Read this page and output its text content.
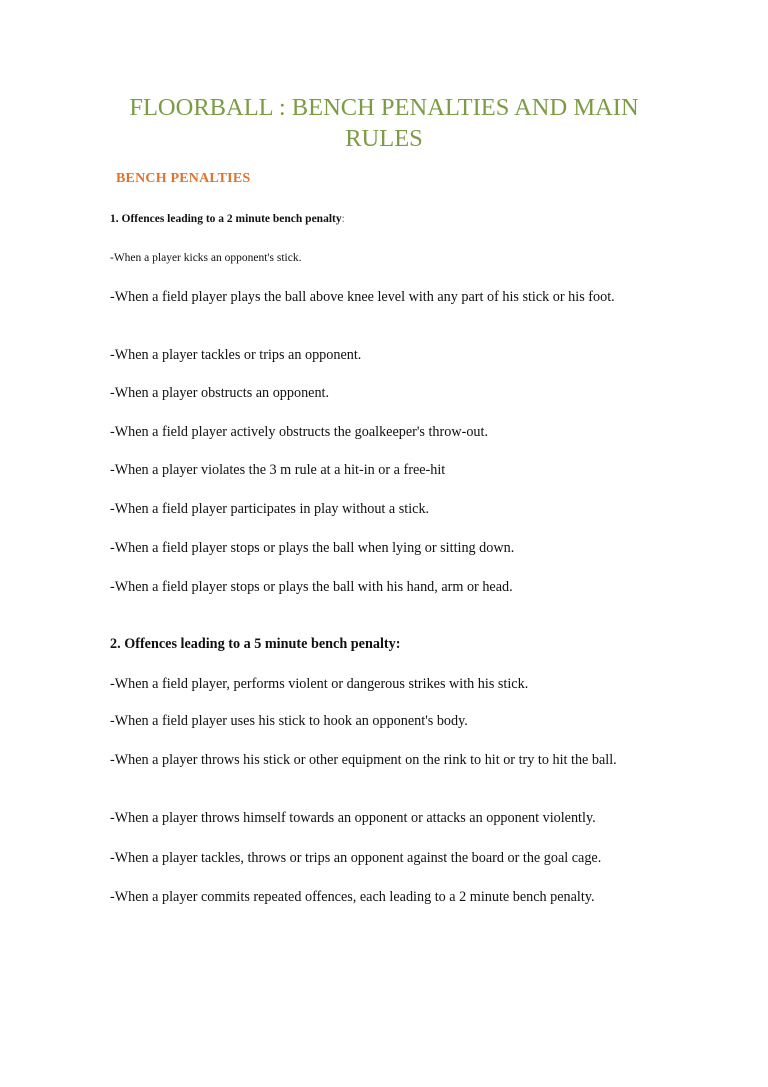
FLOORBALL : BENCH PENALTIES AND MAIN RULES
BENCH PENALTIES

1. Offences leading to a 2 minute bench penalty:

-When a player kicks an opponent's stick.

-When a field player plays the ball above knee level with any part of his stick or his foot.

-When a player tackles or trips an opponent.

-When a player obstructs an opponent.

-When a field player actively obstructs the goalkeeper's throw-out.

-When a player violates the 3 m rule at a hit-in or a free-hit

-When a field player participates in play without a stick.

-When a field player stops or plays the ball when lying or sitting down.

-When a field player stops or plays the ball with his hand, arm or head.

2. Offences leading to a 5 minute bench penalty:

-When a field player, performs violent or dangerous strikes with his stick.

-When a field player uses his stick to hook an opponent's body.

-When a player throws his stick or other equipment on the rink to hit or try to hit the ball.

-When a player throws himself towards an opponent or attacks an opponent violently.

-When a player tackles, throws or trips an opponent against the board or the goal cage.

-When a player commits repeated offences, each leading to a 2 minute bench penalty.
